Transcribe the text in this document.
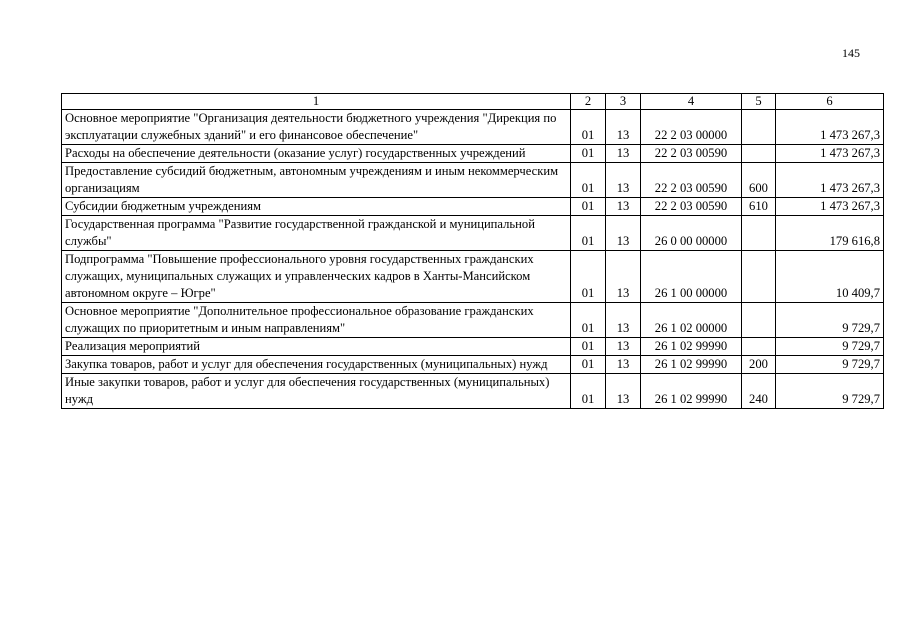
145
1	2	3	4	5	6
Основное мероприятие "Организация деятельности бюджетного учреждения "Дирекция по эксплуатации служебных зданий" и его финансовое обеспечение"	01	13	22 2 03 00000		1 473 267,3
Расходы на обеспечение деятельности (оказание услуг) государственных учреждений	01	13	22 2 03 00590		1 473 267,3
Предоставление субсидий бюджетным, автономным учреждениям и иным некоммерческим организациям	01	13	22 2 03 00590	600	1 473 267,3
Субсидии бюджетным учреждениям	01	13	22 2 03 00590	610	1 473 267,3
Государственная программа "Развитие государственной гражданской и муниципальной службы"	01	13	26 0 00 00000		179 616,8
Подпрограмма "Повышение профессионального уровня государственных гражданских служащих, муниципальных служащих и управленческих кадров в Ханты-Мансийском автономном округе – Югре"	01	13	26 1 00 00000		10 409,7
Основное мероприятие "Дополнительное профессиональное образование гражданских служащих по приоритетным и иным направлениям"	01	13	26 1 02 00000		9 729,7
Реализация мероприятий	01	13	26 1 02 99990		9 729,7
Закупка товаров, работ и услуг для обеспечения государственных (муниципальных) нужд	01	13	26 1 02 99990	200	9 729,7
Иные закупки товаров, работ и услуг для обеспечения государственных (муниципальных) нужд	01	13	26 1 02 99990	240	9 729,7
